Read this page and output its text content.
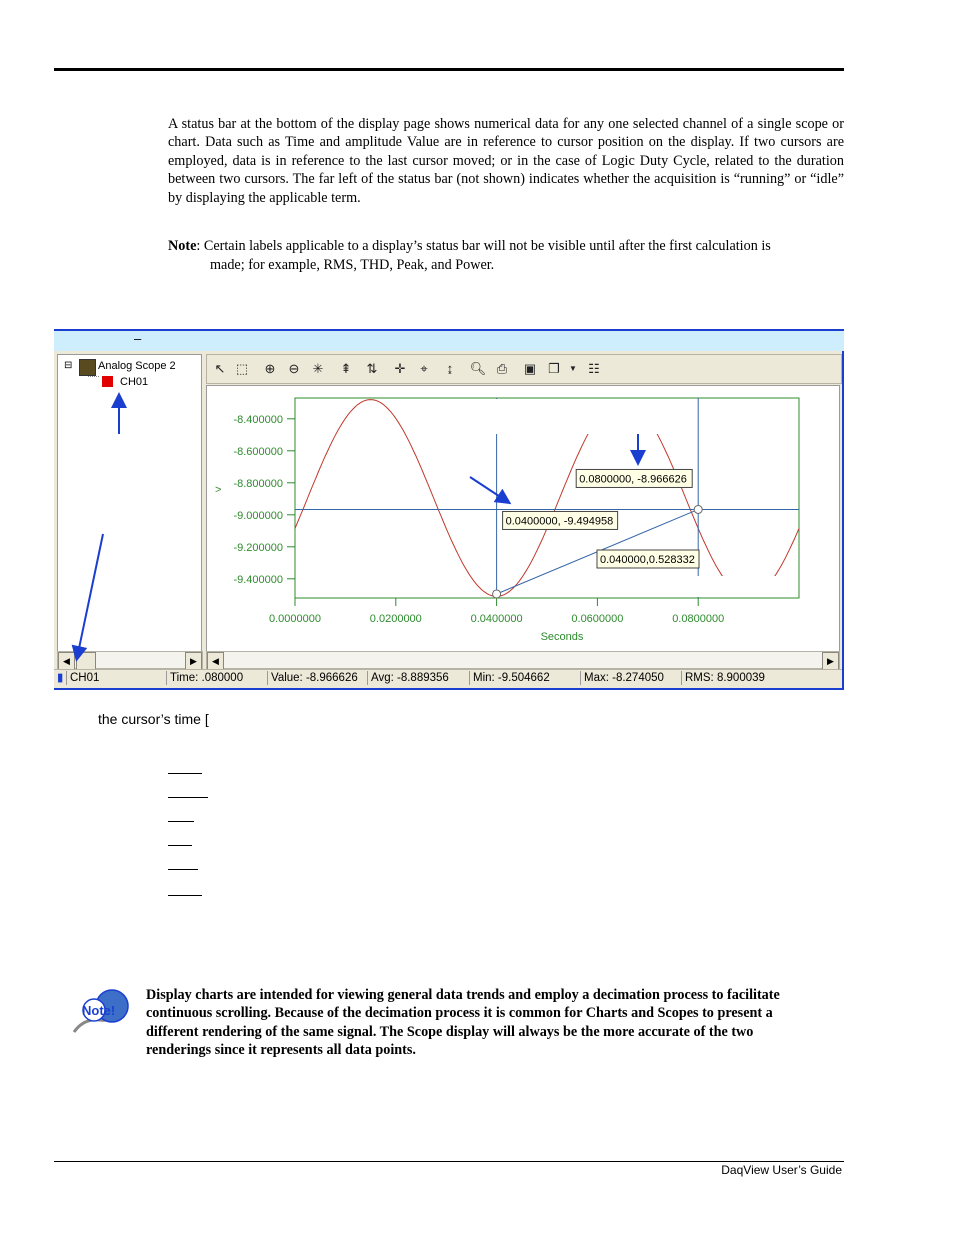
A status bar at the bottom of the display page shows numerical data for any one selected channel of a single scope or chart. Data such as Time and amplitude Value are in reference to cursor position on the display. If two cursors are employed, data is in reference to the last cursor moved; or in the case of Logic Duty Cycle, related to the duration between two cursors. The far left of the status bar (not shown) indicates whether the acquisition is “running” or “idle” by displaying the applicable term.
Note: Certain labels applicable to a display’s status bar will not be visible until after the first calculation is
made; for example, RMS, THD, Peak, and Power.
–
⊟ Analog Scope 2
CH01
↖ ⬚ ⊕ ⊖ ✳ ⇞ ⇅ ✛	⌖	↨	🔍︎ ⎙ ▣ ❐	▼ ☷
-8.400000
-8.600000
-8.800000
-9.000000
-9.200000
-9.400000
0.0000000	0.0200000	0.0400000	0.0600000	0.0800000
Seconds
>
0.0400000, -9.494958
0.0800000, -8.966626
0.040000,0.528332
◀	▶	◀	▶
▮ CH01	Time: .080000	Value: -8.966626	Avg: -8.889356	Min: -9.504662	Max: -8.274050	RMS: 8.900039
the cursor’s time [
Note!
Display charts are intended for viewing general data trends and employ a decimation process to facilitate continuous scrolling. Because of the decimation process it is common for Charts and Scopes to present a different rendering of the same signal. The Scope display will always be the more accurate of the two renderings since it represents all data points.
DaqView User’s Guide
